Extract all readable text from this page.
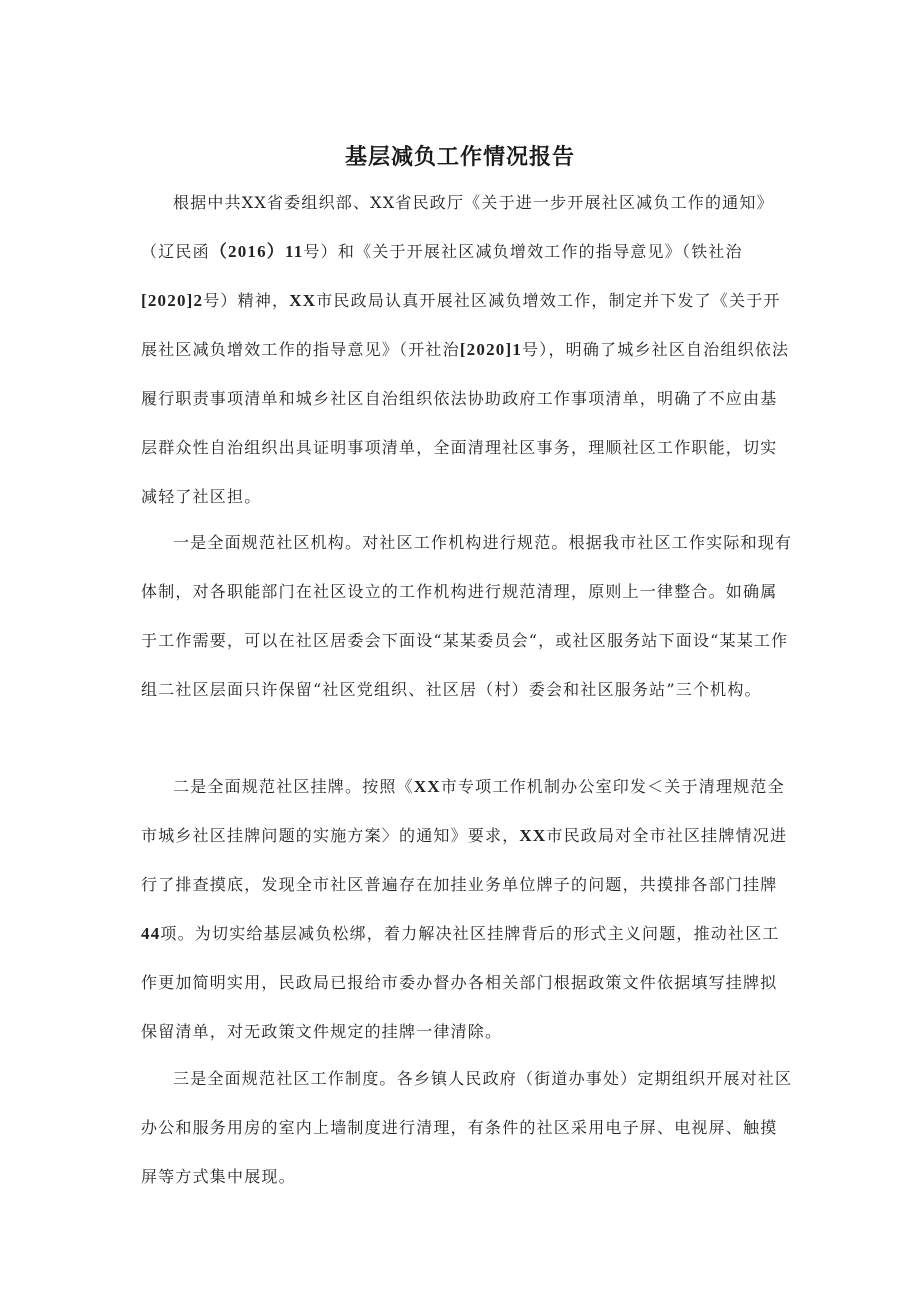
基层减负工作情况报告

根据中共XX省委组织部、XX省民政厅《关于进一步开展社区减负工作的通知》（辽民函（2016）11号）和《关于开展社区减负增效工作的指导意见》（铁社治[2020]2号）精神，XX市民政局认真开展社区减负增效工作，制定并下发了《关于开展社区减负增效工作的指导意见》（开社治[2020]1号），明确了城乡社区自治组织依法履行职责事项清单和城乡社区自治组织依法协助政府工作事项清单，明确了不应由基层群众性自治组织出具证明事项清单，全面清理社区事务，理顺社区工作职能，切实减轻了社区担。

一是全面规范社区机构。对社区工作机构进行规范。根据我市社区工作实际和现有体制，对各职能部门在社区设立的工作机构进行规范清理，原则上一律整合。如确属于工作需要，可以在社区居委会下面设“某某委员会“，或社区服务站下面设“某某工作组二社区层面只许保留“社区党组织、社区居（村）委会和社区服务站”三个机构。

二是全面规范社区挂牌。按照《XX市专项工作机制办公室印发＜关于清理规范全市城乡社区挂牌问题的实施方案〉的通知》要求，XX市民政局对全市社区挂牌情况进行了排查摸底，发现全市社区普遍存在加挂业务单位牌子的问题，共摸排各部门挂牌44项。为切实给基层减负松绑，着力解决社区挂牌背后的形式主义问题，推动社区工作更加简明实用，民政局已报给市委办督办各相关部门根据政策文件依据填写挂牌拟保留清单，对无政策文件规定的挂牌一律清除。

三是全面规范社区工作制度。各乡镇人民政府（街道办事处）定期组织开展对社区办公和服务用房的室内上墙制度进行清理，有条件的社区采用电子屏、电视屏、触摸屏等方式集中展现。
